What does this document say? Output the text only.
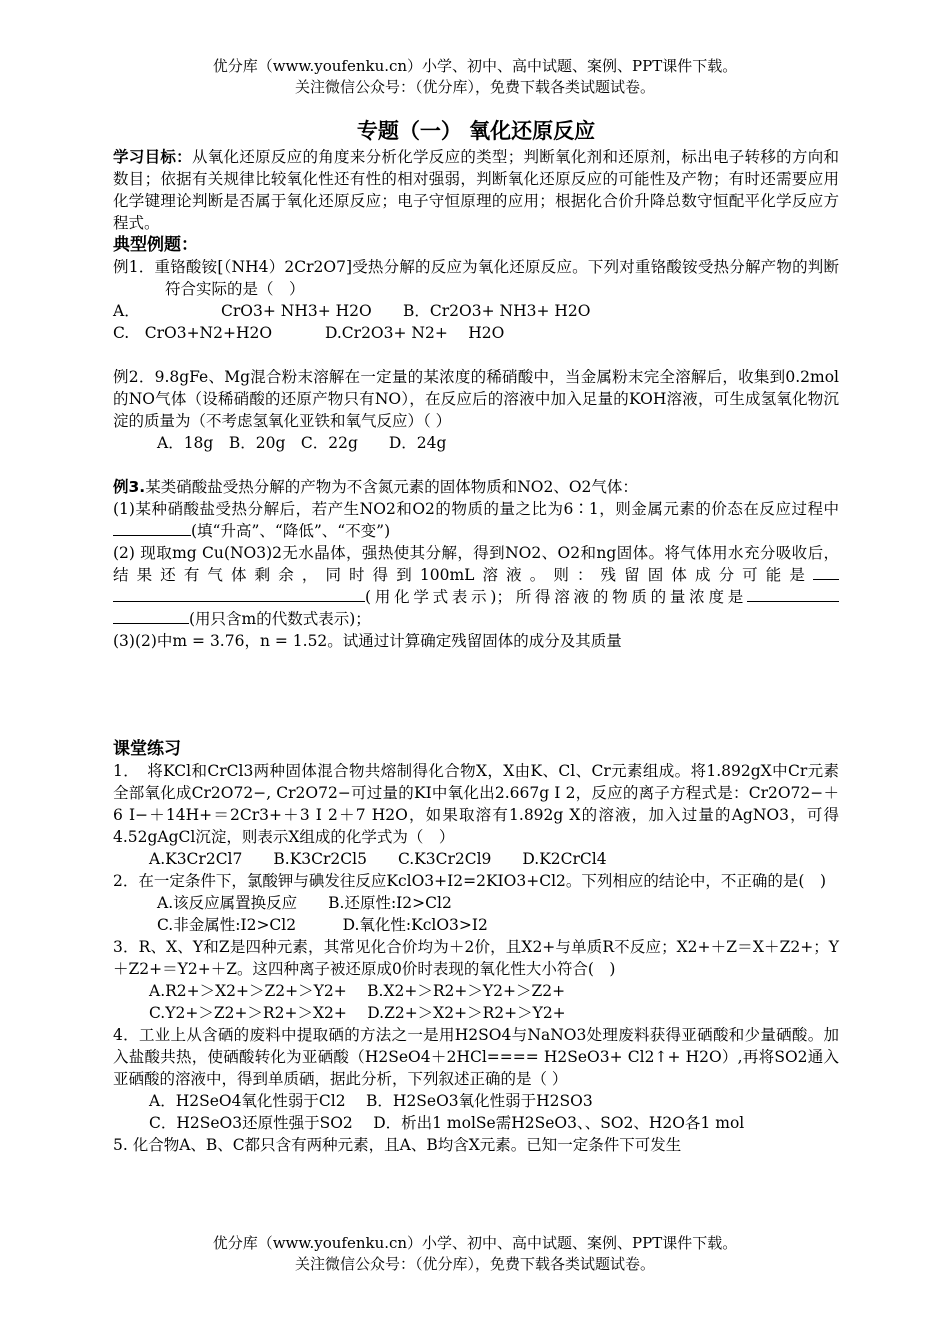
优分库（www.youfenku.cn）小学、初中、高中试题、案例、PPT课件下载。
关注微信公众号：（优分库），免费下载各类试题试卷。
专题（一） 氧化还原反应

学习目标：从氧化还原反应的角度来分析化学反应的类型；判断氧化剂和还原剂，标出电子转移的方向和数目；依据有关规律比较氧化性还有性的相对强弱，判断氧化还原反应的可能性及产物；有时还需要应用化学键理论判断是否属于氧化还原反应；电子守恒原理的应用；根据化合价升降总数守恒配平化学反应方程式。

典型例题：

例1．重铬酸铵[（NH4）2Cr2O7]受热分解的反应为氧化还原反应。下列对重铬酸铵受热分解产物的判断符合实际的是（　）

A．	CrO3+ NH3+ H2O B．Cr2O3+ NH3+ H2O
C.　CrO3+N2+H2O	D.Cr2O3+ N2+　 H2O

例2．9.8gFe、Mg混合粉末溶解在一定量的某浓度的稀硝酸中，当金属粉末完全溶解后，收集到0.2mol的NO气体（设稀硝酸的还原产物只有NO），在反应后的溶液中加入足量的KOH溶液，可生成氢氧化物沉淀的质量为（不考虑氢氧化亚铁和氧气反应）（ ）

A．18g　B．20g　C．22g　　D．24g

例3.某类硝酸盐受热分解的产物为不含氮元素的固体物质和NO2、O2气体：

(1)某种硝酸盐受热分解后，若产生NO2和O2的物质的量之比为6∶1，则金属元素的价态在反应过程中(填“升高”、“降低”、“不变”)

(2) 现取mg Cu(NO3)2无水晶体，强热使其分解，得到NO2、O2和ng固体。将气体用水充分吸收后，结果还有气体剩余，同时得到100mL溶液。则：残留固体成分可能是(用化学式表示)；所得溶液的物质的量浓度是(用只含m的代数式表示)；

(3)(2)中m = 3.76，n = 1.52。试通过计算确定残留固体的成分及其质量

课堂练习

1．　将KCl和CrCl3两种固体混合物共熔制得化合物X，X由K、Cl、Cr元素组成。将1.892gX中Cr元素全部氧化成Cr2O72−, Cr2O72−可过量的KI中氧化出2.667g I 2，反应的离子方程式是：Cr2O72−＋6 I−＋14H+＝2Cr3+＋3 I 2＋7 H2O，如果取溶有1.892g X的溶液，加入过量的AgNO3，可得4.52gAgCl沉淀，则表示X组成的化学式为（　）

A.K3Cr2Cl7　　B.K3Cr2Cl5　　C.K3Cr2Cl9　　D.K2CrCl4

2．在一定条件下，氯酸钾与碘发往反应KclO3+I2=2KIO3+Cl2。下列相应的结论中，不正确的是(　)

A.该反应属置换反应　　B.还原性:I2>Cl2
C.非金属性:I2>Cl2　　　D.氧化性:KclO3>I2

3．R、X、Y和Z是四种元素，其常见化合价均为＋2价，且X2+与单质R不反应；X2+＋Z＝X＋Z2+；Y＋Z2+＝Y2+＋Z。这四种离子被还原成0价时表现的氧化性大小符合(　)

A.R2+＞X2+＞Z2+＞Y2+　 B.X2+＞R2+＞Y2+＞Z2+
C.Y2+＞Z2+＞R2+＞X2+　 D.Z2+＞X2+＞R2+＞Y2+

4．工业上从含硒的废料中提取硒的方法之一是用H2SO4与NaNO3处理废料获得亚硒酸和少量硒酸。加入盐酸共热，使硒酸转化为亚硒酸（H2SeO4＋2HCl==== H2SeO3+ Cl2↑+ H2O）,再将SO2通入亚硒酸的溶液中，得到单质硒，据此分析，下列叙述正确的是（ ）

A．H2SeO4氧化性弱于Cl2　 B．H2SeO3氧化性弱于H2SO3
C．H2SeO3还原性强于SO2　 D．析出1 molSe需H2SeO3、、SO2、H2O各1 mol

5. 化合物A、B、C都只含有两种元素，且A、B均含X元素。已知一定条件下可发生

优分库（www.youfenku.cn）小学、初中、高中试题、案例、PPT课件下载。
关注微信公众号：（优分库），免费下载各类试题试卷。
